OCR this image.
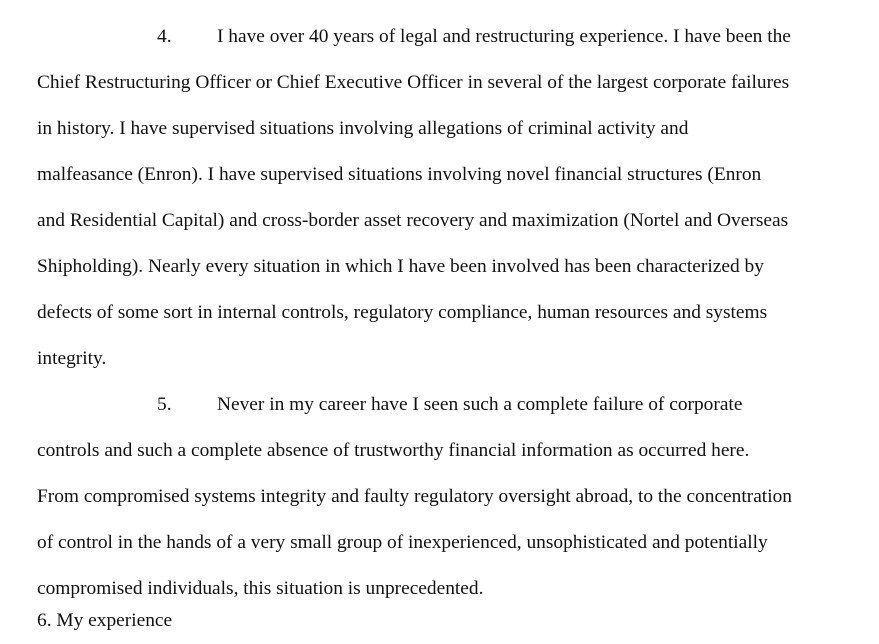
4. I have over 40 years of legal and restructuring experience. I have been the
Chief Restructuring Officer or Chief Executive Officer in several of the largest corporate failures
in history. I have supervised situations involving allegations of criminal activity and
malfeasance (Enron). I have supervised situations involving novel financial structures (Enron
and Residential Capital) and cross-border asset recovery and maximization (Nortel and Overseas
Shipholding). Nearly every situation in which I have been involved has been characterized by
defects of some sort in internal controls, regulatory compliance, human resources and systems
integrity.
5. Never in my career have I seen such a complete failure of corporate
controls and such a complete absence of trustworthy financial information as occurred here.
From compromised systems integrity and faulty regulatory oversight abroad, to the concentration
of control in the hands of a very small group of inexperienced, unsophisticated and potentially
compromised individuals, this situation is unprecedented.
6. My experience
